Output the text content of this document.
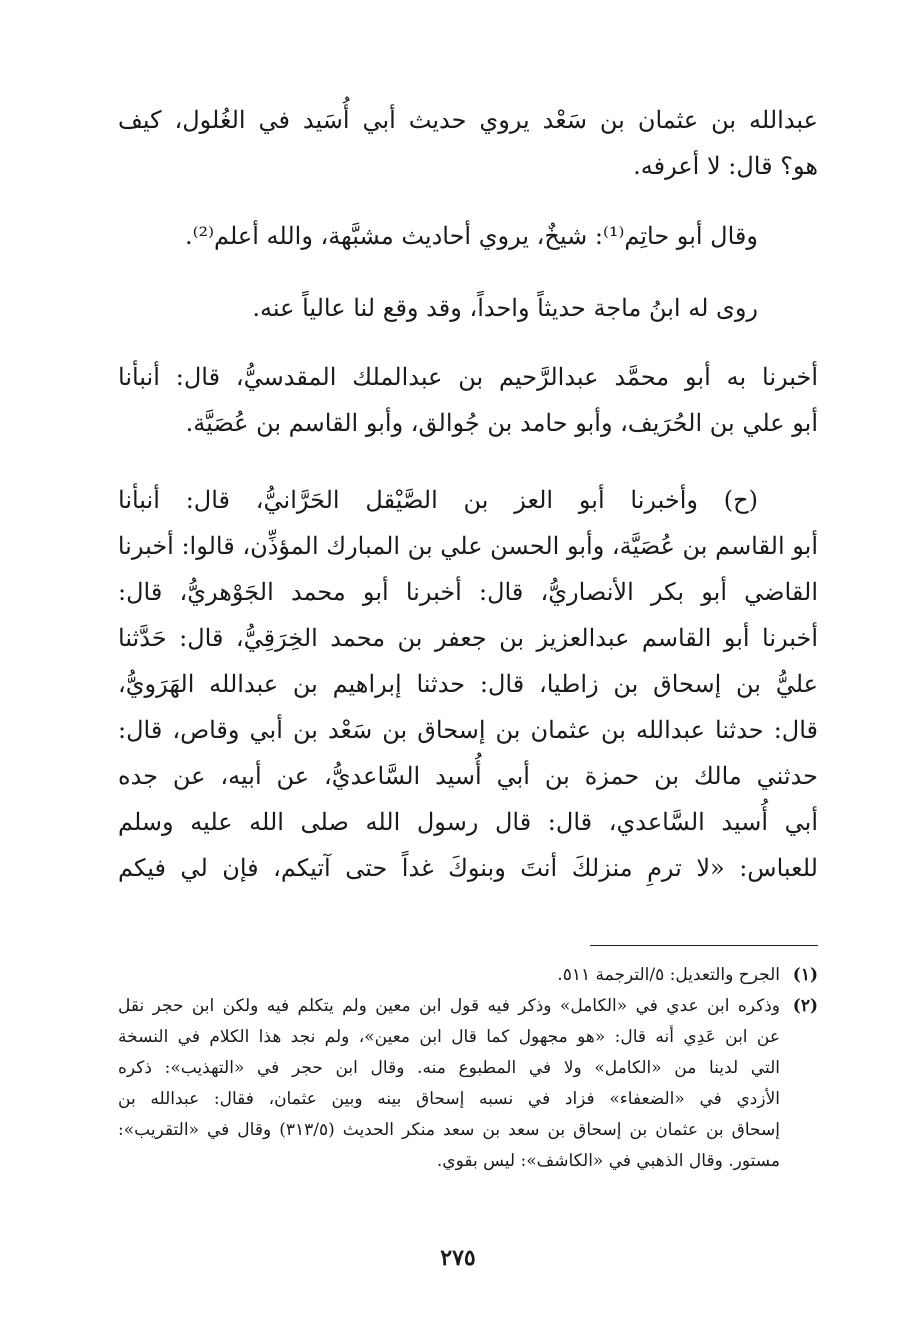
عبدالله بن عثمان بن سَعْد يروي حديث أبي أُسَيد في الغُلول، كيف
هو؟ قال: لا أعرفه.
وقال أبو حاتِم⁽¹⁾: شيخٌ، يروي أحاديث مشبَّهة، والله أعلم⁽²⁾.
روى له ابنُ ماجة حديثاً واحداً، وقد وقع لنا عالياً عنه.
أخبرنا به أبو محمَّد عبدالرَّحيم بن عبدالملك المقدسيُّ، قال: أنبأنا
أبو علي بن الحُرَيف، وأبو حامد بن جُوالق، وأبو القاسم بن عُصَيَّة.
(ح) وأخبرنا أبو العز بن الصَّيْقل الحَرَّانيُّ، قال: أنبأنا
أبو القاسم بن عُصَيَّة، وأبو الحسن علي بن المبارك المؤذِّن، قالوا: أخبرنا
القاضي أبو بكر الأنصاريُّ، قال: أخبرنا أبو محمد الجَوْهريُّ، قال:
أخبرنا أبو القاسم عبدالعزيز بن جعفر بن محمد الخِرَقِيُّ، قال: حَدَّثنا
عليُّ بن إسحاق بن زاطيا، قال: حدثنا إبراهيم بن عبدالله الهَرَويُّ،
قال: حدثنا عبدالله بن عثمان بن إسحاق بن سَعْد بن أبي وقاص، قال:
حدثني مالك بن حمزة بن أبي أُسيد السَّاعديُّ، عن أبيه، عن جده
أبي أُسيد السَّاعدي، قال: قال رسول الله صلى الله عليه وسلم
للعباس: «لا ترمِ منزلكَ أنتَ وبنوكَ غداً حتى آتيكم، فإن لي فيكم
(١)الجرح والتعديل: ٥/الترجمة ٥١١.
(٢)وذكره ابن عدي في «الكامل» وذكر فيه قول ابن معين ولم يتكلم فيه ولكن ابن حجر نقل
عن ابن عَدِي أنه قال: «هو مجهول كما قال ابن معين»، ولم نجد هذا الكلام في النسخة
التي لدينا من «الكامل» ولا في المطبوع منه. وقال ابن حجر في «التهذيب»: ذكره
الأزدي في «الضعفاء» فزاد في نسبه إسحاق بينه وبين عثمان، فقال: عبدالله بن
إسحاق بن عثمان بن إسحاق بن سعد بن سعد منكر الحديث (٣١٣/٥) وقال في «التقريب»:
مستور. وقال الذهبي في «الكاشف»: ليس بقوي.
٢٧٥
